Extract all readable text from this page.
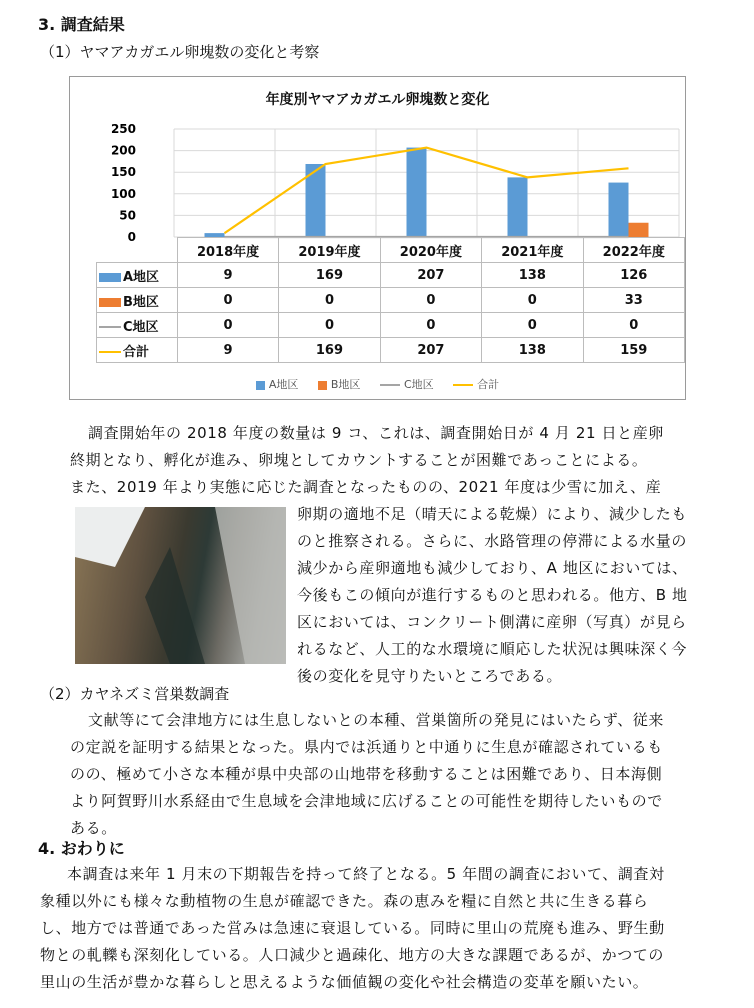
3. 調査結果
（1）ヤマアカガエル卵塊数の変化と考察
年度別ヤマアカガエル卵塊数と変化
250
200
150
100
50
0
	2018年度	2019年度	2020年度	2021年度	2022年度
A地区	9	169	207	138	126
B地区	0	0	0	0	33
C地区	0	0	0	0	0
合計	9	169	207	138	159
A地区	B地区	C地区	合計
調査開始年の 2018 年度の数量は 9 コ、これは、調査開始日が 4 月 21 日と産卵
終期となり、孵化が進み、卵塊としてカウントすることが困難であっことによる。
また、2019 年より実態に応じた調査となったものの、2021 年度は少雪に加え、産
卵期の適地不足（晴天による乾燥）により、減少したも
のと推察される。さらに、水路管理の停滞による水量の
減少から産卵適地も減少しており、A 地区においては、
今後もこの傾向が進行するものと思われる。他方、B 地
区においては、コンクリート側溝に産卵（写真）が見ら
れるなど、人工的な水環境に順応した状況は興味深く今
後の変化を見守りたいところである。
（2）カヤネズミ営巣数調査
文献等にて会津地方には生息しないとの本種、営巣箇所の発見にはいたらず、従来
の定説を証明する結果となった。県内では浜通りと中通りに生息が確認されているも
のの、極めて小さな本種が県中央部の山地帯を移動することは困難であり、日本海側
より阿賀野川水系経由で生息域を会津地域に広げることの可能性を期待したいもので
ある。
4. おわりに
本調査は来年 1 月末の下期報告を持って終了となる。5 年間の調査において、調査対
象種以外にも様々な動植物の生息が確認できた。森の恵みを糧に自然と共に生きる暮ら
し、地方では普通であった営みは急速に衰退している。同時に里山の荒廃も進み、野生動
物との軋轢も深刻化している。人口減少と過疎化、地方の大きな課題であるが、かつての
里山の生活が豊かな暮らしと思えるような価値観の変化や社会構造の変革を願いたい。
